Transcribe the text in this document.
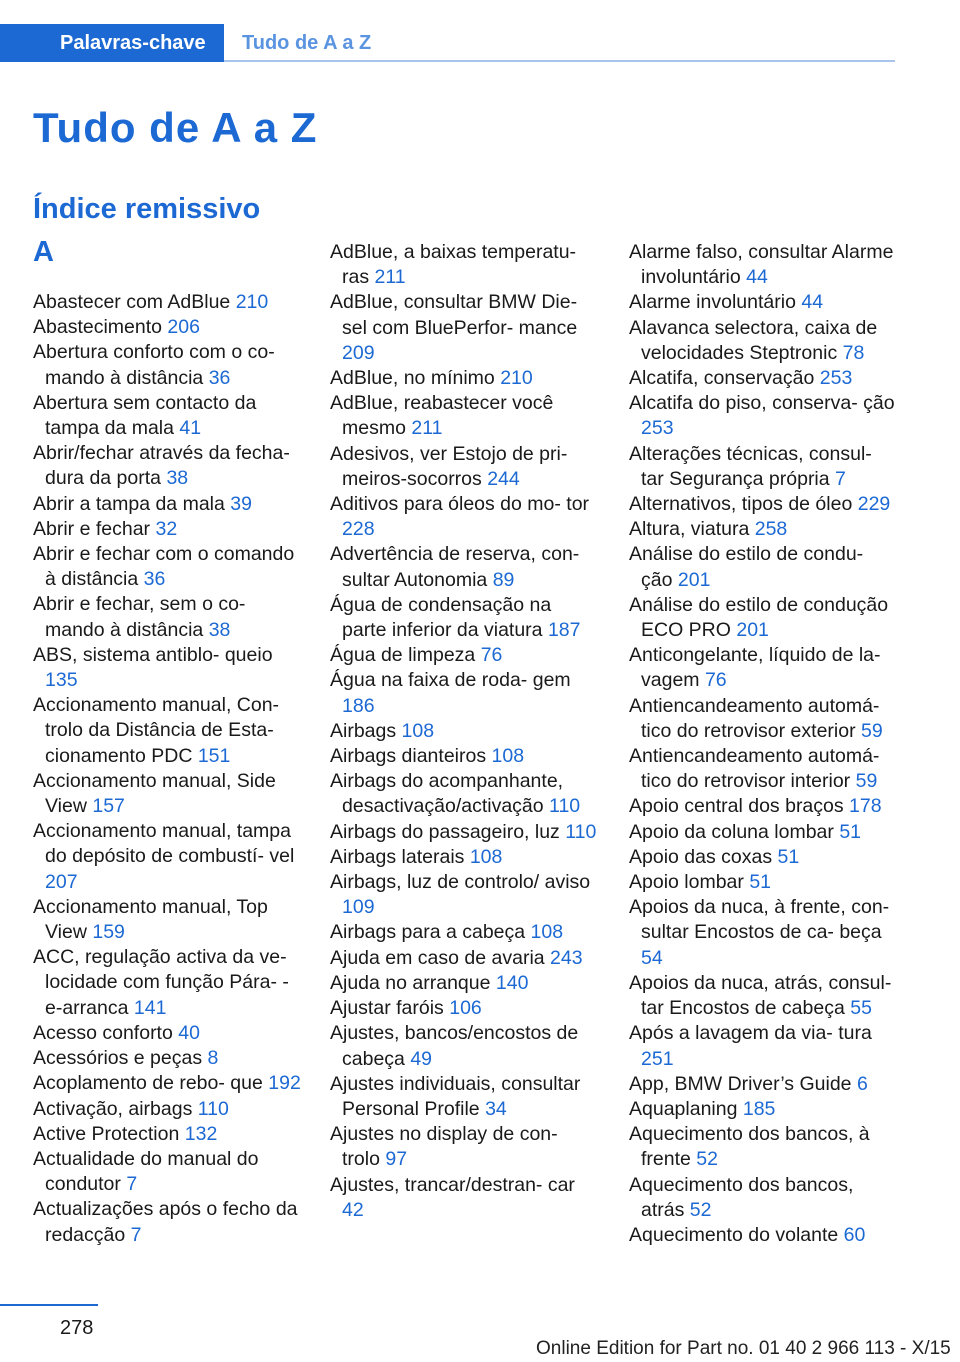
Palavras-chave	Tudo de A a Z
Tudo de A a Z
Índice remissivo
A
Abastecer com AdBlue 210
Abastecimento 206
Abertura conforto com o co‐ mando à distância 36
Abertura sem contacto da tampa da mala 41
Abrir/fechar através da fecha‐ dura da porta 38
Abrir a tampa da mala 39
Abrir e fechar 32
Abrir e fechar com o comando à distância 36
Abrir e fechar, sem o co‐ mando à distância 38
ABS, sistema antiblo‐ queio 135
Accionamento manual, Con‐ trolo da Distância de Esta‐ cionamento PDC 151
Accionamento manual, Side View 157
Accionamento manual, tampa do depósito de combustí‐ vel 207
Accionamento manual, Top View 159
ACC, regulação activa da ve‐ locidade com função Pára- -e-arranca 141
Acesso conforto 40
Acessórios e peças 8
Acoplamento de rebo‐ que 192
Activação, airbags 110
Active Protection 132
Actualidade do manual do condutor 7
Actualizações após o fecho da redacção 7
AdBlue, a baixas temperatu‐ ras 211
AdBlue, consultar BMW Die‐ sel com BluePerfor‐ mance 209
AdBlue, no mínimo 210
AdBlue, reabastecer você mesmo 211
Adesivos, ver Estojo de pri‐ meiros-socorros 244
Aditivos para óleos do mo‐ tor 228
Advertência de reserva, con‐ sultar Autonomia 89
Água de condensação na parte inferior da viatura 187
Água de limpeza 76
Água na faixa de roda‐ gem 186
Airbags 108
Airbags dianteiros 108
Airbags do acompanhante, desactivação/activação 110
Airbags do passageiro, luz 110
Airbags laterais 108
Airbags, luz de controlo/ aviso 109
Airbags para a cabeça 108
Ajuda em caso de avaria 243
Ajuda no arranque 140
Ajustar faróis 106
Ajustes, bancos/encostos de cabeça 49
Ajustes individuais, consultar Personal Profile 34
Ajustes no display de con‐ trolo 97
Ajustes, trancar/destran‐ car 42
Alarme falso, consultar Alarme involuntário 44
Alarme involuntário 44
Alavanca selectora, caixa de velocidades Steptronic 78
Alcatifa, conservação 253
Alcatifa do piso, conserva‐ ção 253
Alterações técnicas, consul‐ tar Segurança própria 7
Alternativos, tipos de óleo 229
Altura, viatura 258
Análise do estilo de condu‐ ção 201
Análise do estilo de condução ECO PRO 201
Anticongelante, líquido de la‐ vagem 76
Antiencandeamento automá‐ tico do retrovisor exterior 59
Antiencandeamento automá‐ tico do retrovisor interior 59
Apoio central dos braços 178
Apoio da coluna lombar 51
Apoio das coxas 51
Apoio lombar 51
Apoios da nuca, à frente, con‐ sultar Encostos de ca‐ beça 54
Apoios da nuca, atrás, consul‐ tar Encostos de cabeça 55
Após a lavagem da via‐ tura 251
App, BMW Driver’s Guide 6
Aquaplaning 185
Aquecimento dos bancos, à frente 52
Aquecimento dos bancos, atrás 52
Aquecimento do volante 60
278
Online Edition for Part no. 01 40 2 966 113 - X/15
